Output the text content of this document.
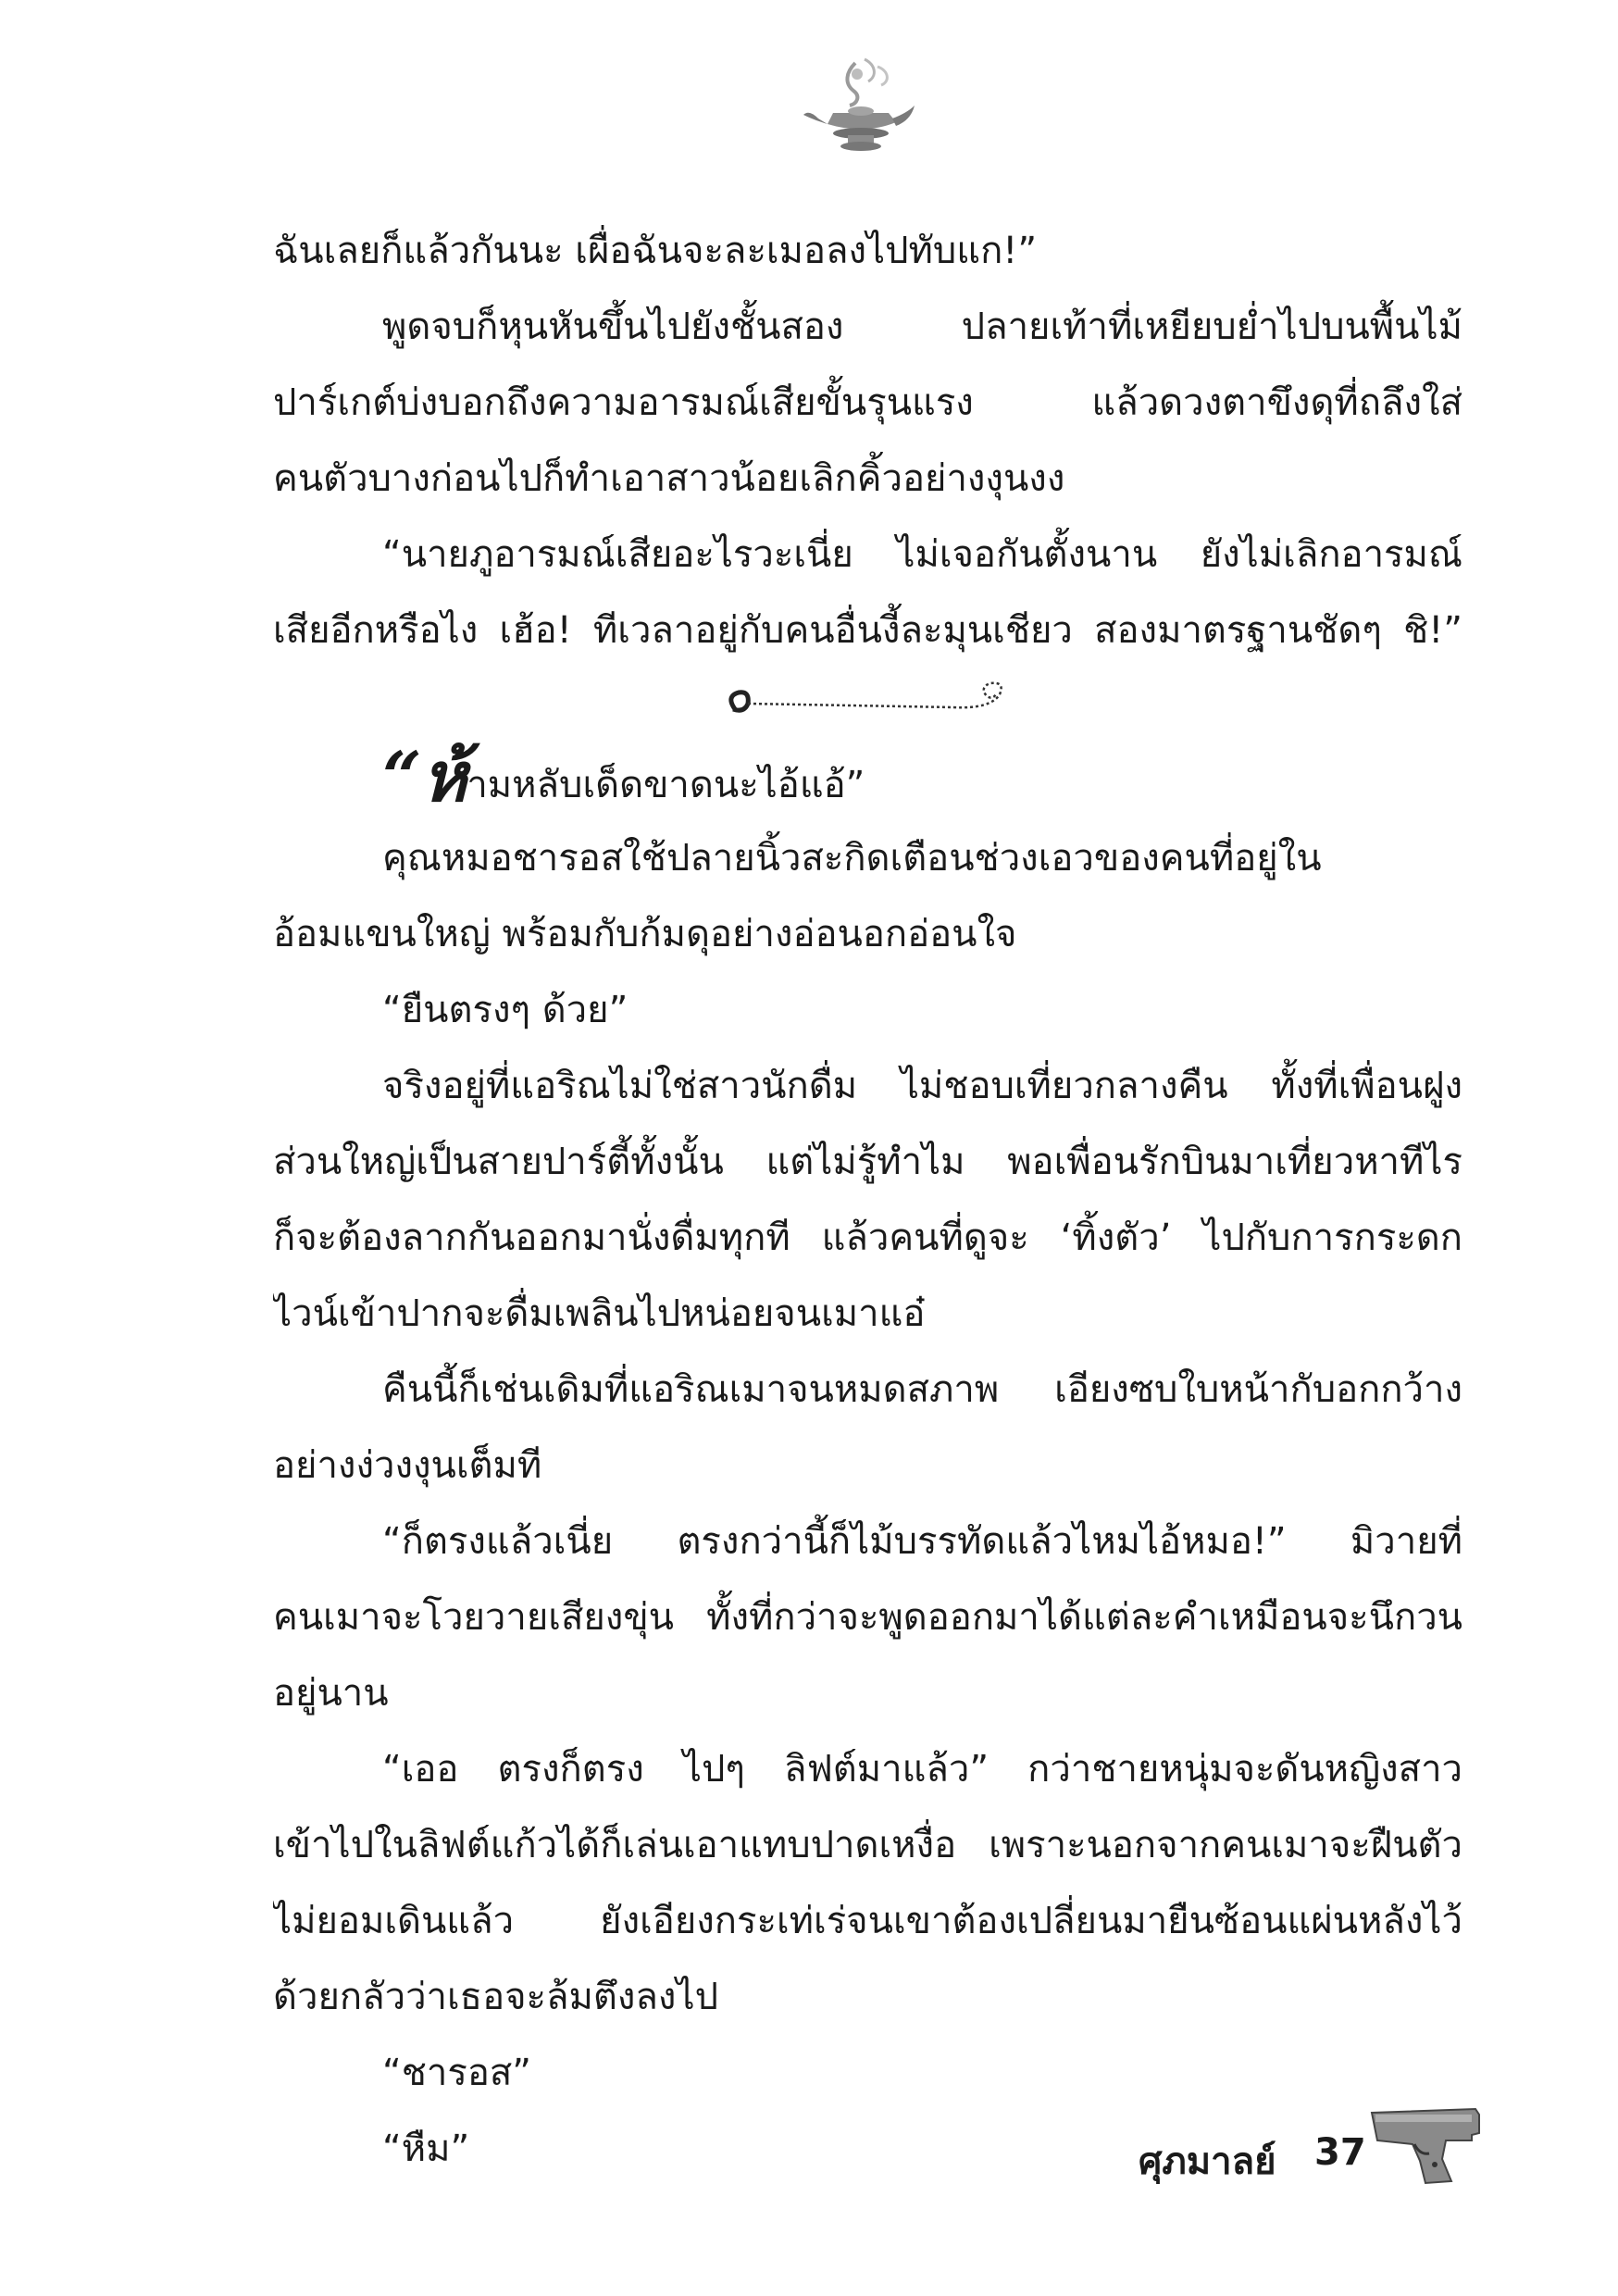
ฉันเลยก็แล้วกันนะ เผื่อฉันจะละเมอลงไปทับแก!”
พูดจบก็หุนหันขึ้นไปยังชั้นสอง ปลายเท้าที่เหยียบย่ำไปบนพื้นไม้
ปาร์เกต์บ่งบอกถึงความอารมณ์เสียขั้นรุนแรง แล้วดวงตาขึงดุที่ถลึงใส่
คนตัวบางก่อนไปก็ทำเอาสาวน้อยเลิกคิ้วอย่างงุนงง
“นายภูอารมณ์เสียอะไรวะเนี่ย ไม่เจอกันตั้งนาน ยังไม่เลิกอารมณ์
เสียอีกหรือไง เฮ้อ! ทีเวลาอยู่กับคนอื่นงี้ละมุนเชียว สองมาตรฐานชัดๆ ชิ!”
“ห้ามหลับเด็ดขาดนะไอ้แอ้”
คุณหมอชารอสใช้ปลายนิ้วสะกิดเตือนช่วงเอวของคนที่อยู่ใน
อ้อมแขนใหญ่ พร้อมกับก้มดุอย่างอ่อนอกอ่อนใจ
“ยืนตรงๆ ด้วย”
จริงอยู่ที่แอริณไม่ใช่สาวนักดื่ม ไม่ชอบเที่ยวกลางคืน ทั้งที่เพื่อนฝูง
ส่วนใหญ่เป็นสายปาร์ตี้ทั้งนั้น แต่ไม่รู้ทำไม พอเพื่อนรักบินมาเที่ยวหาทีไร
ก็จะต้องลากกันออกมานั่งดื่มทุกที แล้วคนที่ดูจะ ‘ทิ้งตัว’ ไปกับการกระดก
ไวน์เข้าปากจะดื่มเพลินไปหน่อยจนเมาแอ๋
คืนนี้ก็เช่นเดิมที่แอริณเมาจนหมดสภาพ เอียงซบใบหน้ากับอกกว้าง
อย่างง่วงงุนเต็มที
“ก็ตรงแล้วเนี่ย ตรงกว่านี้ก็ไม้บรรทัดแล้วไหมไอ้หมอ!” มิวายที่
คนเมาจะโวยวายเสียงขุ่น ทั้งที่กว่าจะพูดออกมาได้แต่ละคำเหมือนจะนึกวน
อยู่นาน
“เออ ตรงก็ตรง ไปๆ ลิฟต์มาแล้ว” กว่าชายหนุ่มจะดันหญิงสาว
เข้าไปในลิฟต์แก้วได้ก็เล่นเอาแทบปาดเหงื่อ เพราะนอกจากคนเมาจะฝืนตัว
ไม่ยอมเดินแล้ว ยังเอียงกระเท่เร่จนเขาต้องเปลี่ยนมายืนซ้อนแผ่นหลังไว้
ด้วยกลัวว่าเธอจะล้มตึงลงไป
“ชารอส”
“หืม”	ศุภมาลย์ 37
